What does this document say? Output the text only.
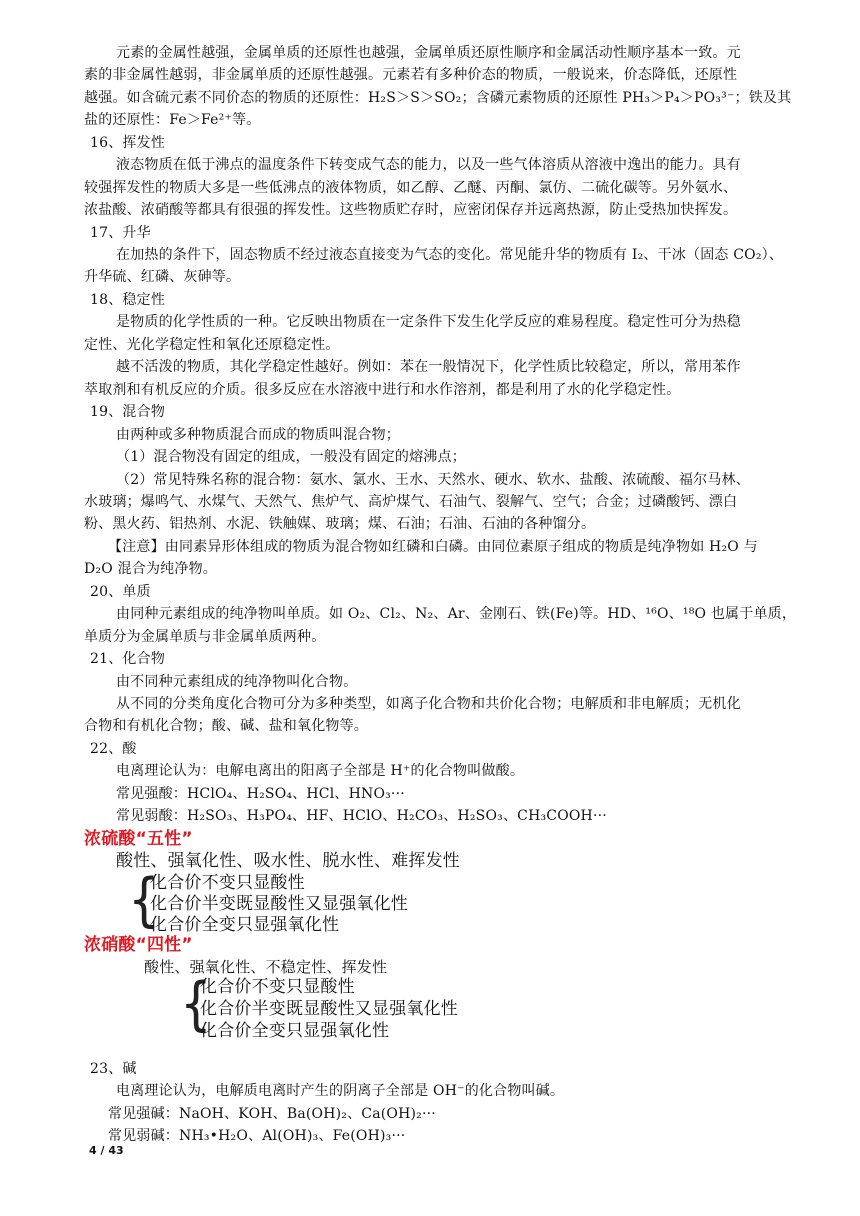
元素的金属性越强，金属单质的还原性也越强，金属单质还原性顺序和金属活动性顺序基本一致。元
素的非金属性越弱，非金属单质的还原性越强。元素若有多种价态的物质，一般说来，价态降低，还原性
越强。如含硫元素不同价态的物质的还原性：H₂S＞S＞SO₂；含磷元素物质的还原性 PH₃＞P₄＞PO₃³⁻；铁及其
盐的还原性：Fe＞Fe²⁺等。
16、挥发性
液态物质在低于沸点的温度条件下转变成气态的能力，以及一些气体溶质从溶液中逸出的能力。具有
较强挥发性的物质大多是一些低沸点的液体物质，如乙醇、乙醚、丙酮、氯仿、二硫化碳等。另外氨水、
浓盐酸、浓硝酸等都具有很强的挥发性。这些物质贮存时，应密闭保存并远离热源，防止受热加快挥发。
17、升华
在加热的条件下，固态物质不经过液态直接变为气态的变化。常见能升华的物质有 I₂、干冰（固态 CO₂）、
升华硫、红磷、灰砷等。
18、稳定性
是物质的化学性质的一种。它反映出物质在一定条件下发生化学反应的难易程度。稳定性可分为热稳
定性、光化学稳定性和氧化还原稳定性。
越不活泼的物质，其化学稳定性越好。例如：苯在一般情况下，化学性质比较稳定，所以，常用苯作
萃取剂和有机反应的介质。很多反应在水溶液中进行和水作溶剂，都是利用了水的化学稳定性。
19、混合物
由两种或多种物质混合而成的物质叫混合物；
（1）混合物没有固定的组成，一般没有固定的熔沸点；
（2）常见特殊名称的混合物：氨水、氯水、王水、天然水、硬水、软水、盐酸、浓硫酸、福尔马林、
水玻璃；爆鸣气、水煤气、天然气、焦炉气、高炉煤气、石油气、裂解气、空气；合金；过磷酸钙、漂白
粉、黑火药、铝热剂、水泥、铁触媒、玻璃；煤、石油；石油、石油的各种馏分。
【注意】由同素异形体组成的物质为混合物如红磷和白磷。由同位素原子组成的物质是纯净物如 H₂O 与
D₂O 混合为纯净物。
20、单质
由同种元素组成的纯净物叫单质。如 O₂、Cl₂、N₂、Ar、金刚石、铁(Fe)等。HD、¹⁶O、¹⁸O 也属于单质，
单质分为金属单质与非金属单质两种。
21、化合物
由不同种元素组成的纯净物叫化合物。
从不同的分类角度化合物可分为多种类型，如离子化合物和共价化合物；电解质和非电解质；无机化
合物和有机化合物；酸、碱、盐和氧化物等。
22、酸
电离理论认为：电解电离出的阳离子全部是 H⁺的化合物叫做酸。
常见强酸：HClO₄、H₂SO₄、HCl、HNO₃···
常见弱酸：H₂SO₃、H₃PO₄、HF、HClO、H₂CO₃、H₂SO₃、CH₃COOH···
浓硫酸“五性”
酸性、强氧化性、吸水性、脱水性、难挥发性
{
化合价不变只显酸性
化合价半变既显酸性又显强氧化性
化合价全变只显强氧化性
浓硝酸“四性”
酸性、强氧化性、不稳定性、挥发性
{
化合价不变只显酸性
化合价半变既显酸性又显强氧化性
化合价全变只显强氧化性
23、碱
电离理论认为，电解质电离时产生的阴离子全部是 OH⁻的化合物叫碱。
常见强碱：NaOH、KOH、Ba(OH)₂、Ca(OH)₂···
常见弱碱：NH₃•H₂O、Al(OH)₃、Fe(OH)₃···
4 / 43
